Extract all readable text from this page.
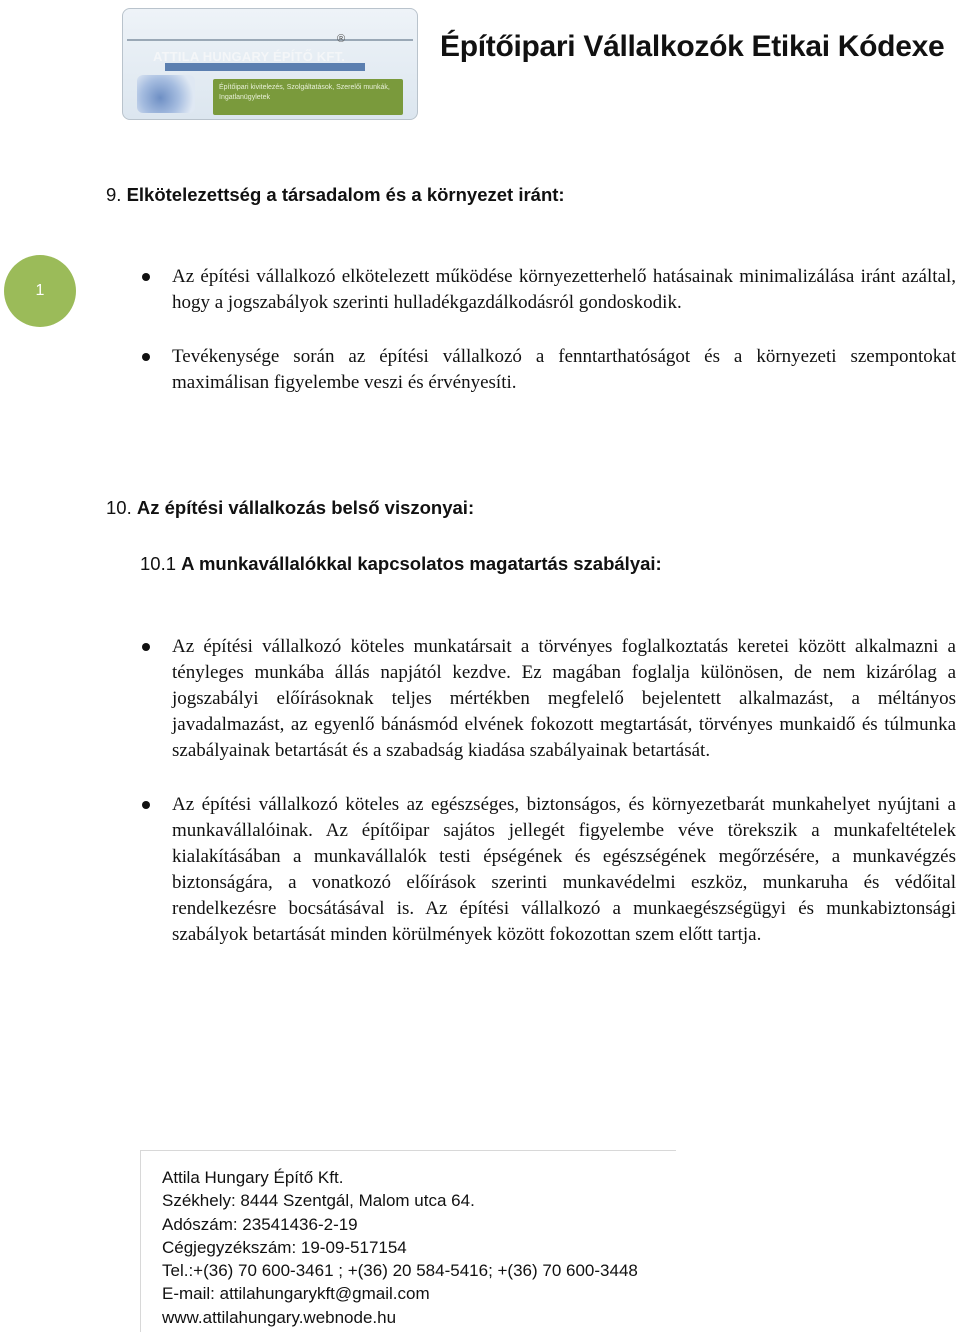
®
ATTILA HUNGARY ÉPÍTŐ KFT.
Építőipari kivitelezés, Szolgáltatások, Szerelői munkák, Ingatlanügyletek
Építőipari Vállalkozók Etikai Kódexe
9. Elkötelezettség a társadalom és a környezet iránt:
1

Az építési vállalkozó elkötelezett működése környezetterhelő hatásainak minimalizálása iránt azáltal, hogy a jogszabályok szerinti hulladékgazdálkodásról gondoskodik.

Tevékenysége során az építési vállalkozó a fenntarthatóságot és a környezeti szempontokat maximálisan figyelembe veszi és érvényesíti.

10. Az építési vállalkozás belső viszonyai:
10.1 A munkavállalókkal kapcsolatos magatartás szabályai:

Az építési vállalkozó köteles munkatársait a törvényes foglalkoztatás keretei között alkalmazni a tényleges munkába állás napjától kezdve. Ez magában foglalja különösen, de nem kizárólag a jogszabályi előírásoknak teljes mértékben megfelelő bejelentett alkalmazást, a méltányos javadalmazást, az egyenlő bánásmód elvének fokozott megtartását, törvényes munkaidő és túlmunka szabályainak betartását és a szabadság kiadása szabályainak betartását.

Az építési vállalkozó köteles az egészséges, biztonságos, és környezetbarát munkahelyet nyújtani a munkavállalóinak. Az építőipar sajátos jellegét figyelembe véve törekszik a munkafeltételek kialakításában a munkavállalók testi épségének és egészségének megőrzésére, a munkavégzés biztonságára, a vonatkozó előírások szerinti munkavédelmi eszköz, munkaruha és védőital rendelkezésre bocsátásával is. Az építési vállalkozó a munkaegészségügyi és munkabiztonsági szabályok betartását minden körülmények között fokozottan szem előtt tartja.

Attila Hungary Építő Kft.
Székhely: 8444 Szentgál, Malom utca 64.
Adószám: 23541436-2-19
Cégjegyzékszám: 19-09-517154
Tel.:+(36) 70 600-3461 ; +(36) 20 584-5416; +(36) 70 600-3448
E-mail: attilahungarykft@gmail.com
www.attilahungary.webnode.hu
